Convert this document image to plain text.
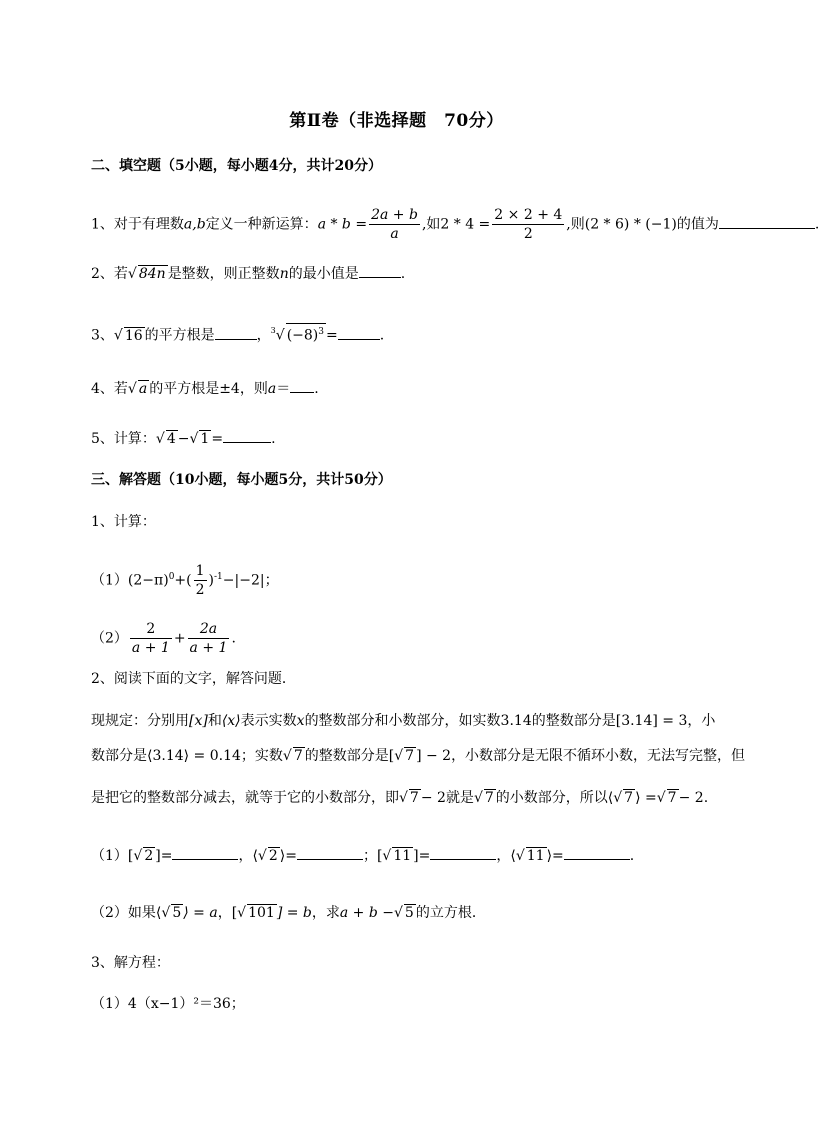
第Ⅱ卷（非选择题　70分）
二、填空题（5小题，每小题4分，共计20分）
1、对于有理数a,b定义一种新运算：$a * b = \frac{2a + b}{a}$ ,如$2 * 4 = \frac{2 \times 2 + 4}{2}$ ,则(2 * 6) * (−1)的值为	.
2、若√ 84n 是整数，则正整数n的最小值是	.
3、√ 16 的平方根是	，$^3$√ $(-8)^3$ =	.
4、若√ a 的平方根是±4，则a＝ .
5、计算：√ 4 −√ 1 =	.
三、解答题（10小题，每小题5分，共计50分）
1、计算：
$(1)(2-\pi)^0+( \frac{1}{2} )^{-1}-|-2|$；
$(2) \frac{2}{a + 1} + \frac{2a}{a + 1}$ .
2、阅读下面的文字，解答问题．
现规定：分别用[x]和⟨x⟩表示实数x的整数部分和小数部分，如实数3.14的整数部分是[3.14] = 3，小
数部分是⟨3.14⟩ = 0.14；实数√ 7 的整数部分是[√ 7 ] − 2，小数部分是无限不循环小数，无法写完整，但
是把它的整数部分减去，就等于它的小数部分，即√ 7 − 2就是√ 7 的小数部分，所以⟨√ 7 ⟩ =√ 7 − 2.
（1）[√ 2 ]=	，⟨√ 2 ⟩=	；[√ 11 ]=	，⟨√ 11 ⟩=	.
（2）如果⟨√ 5 ⟩ = a，[√ 101 ] = b，求a + b −√ 5 的立方根．
3、解方程：
（1）4（x−1）²＝36；
